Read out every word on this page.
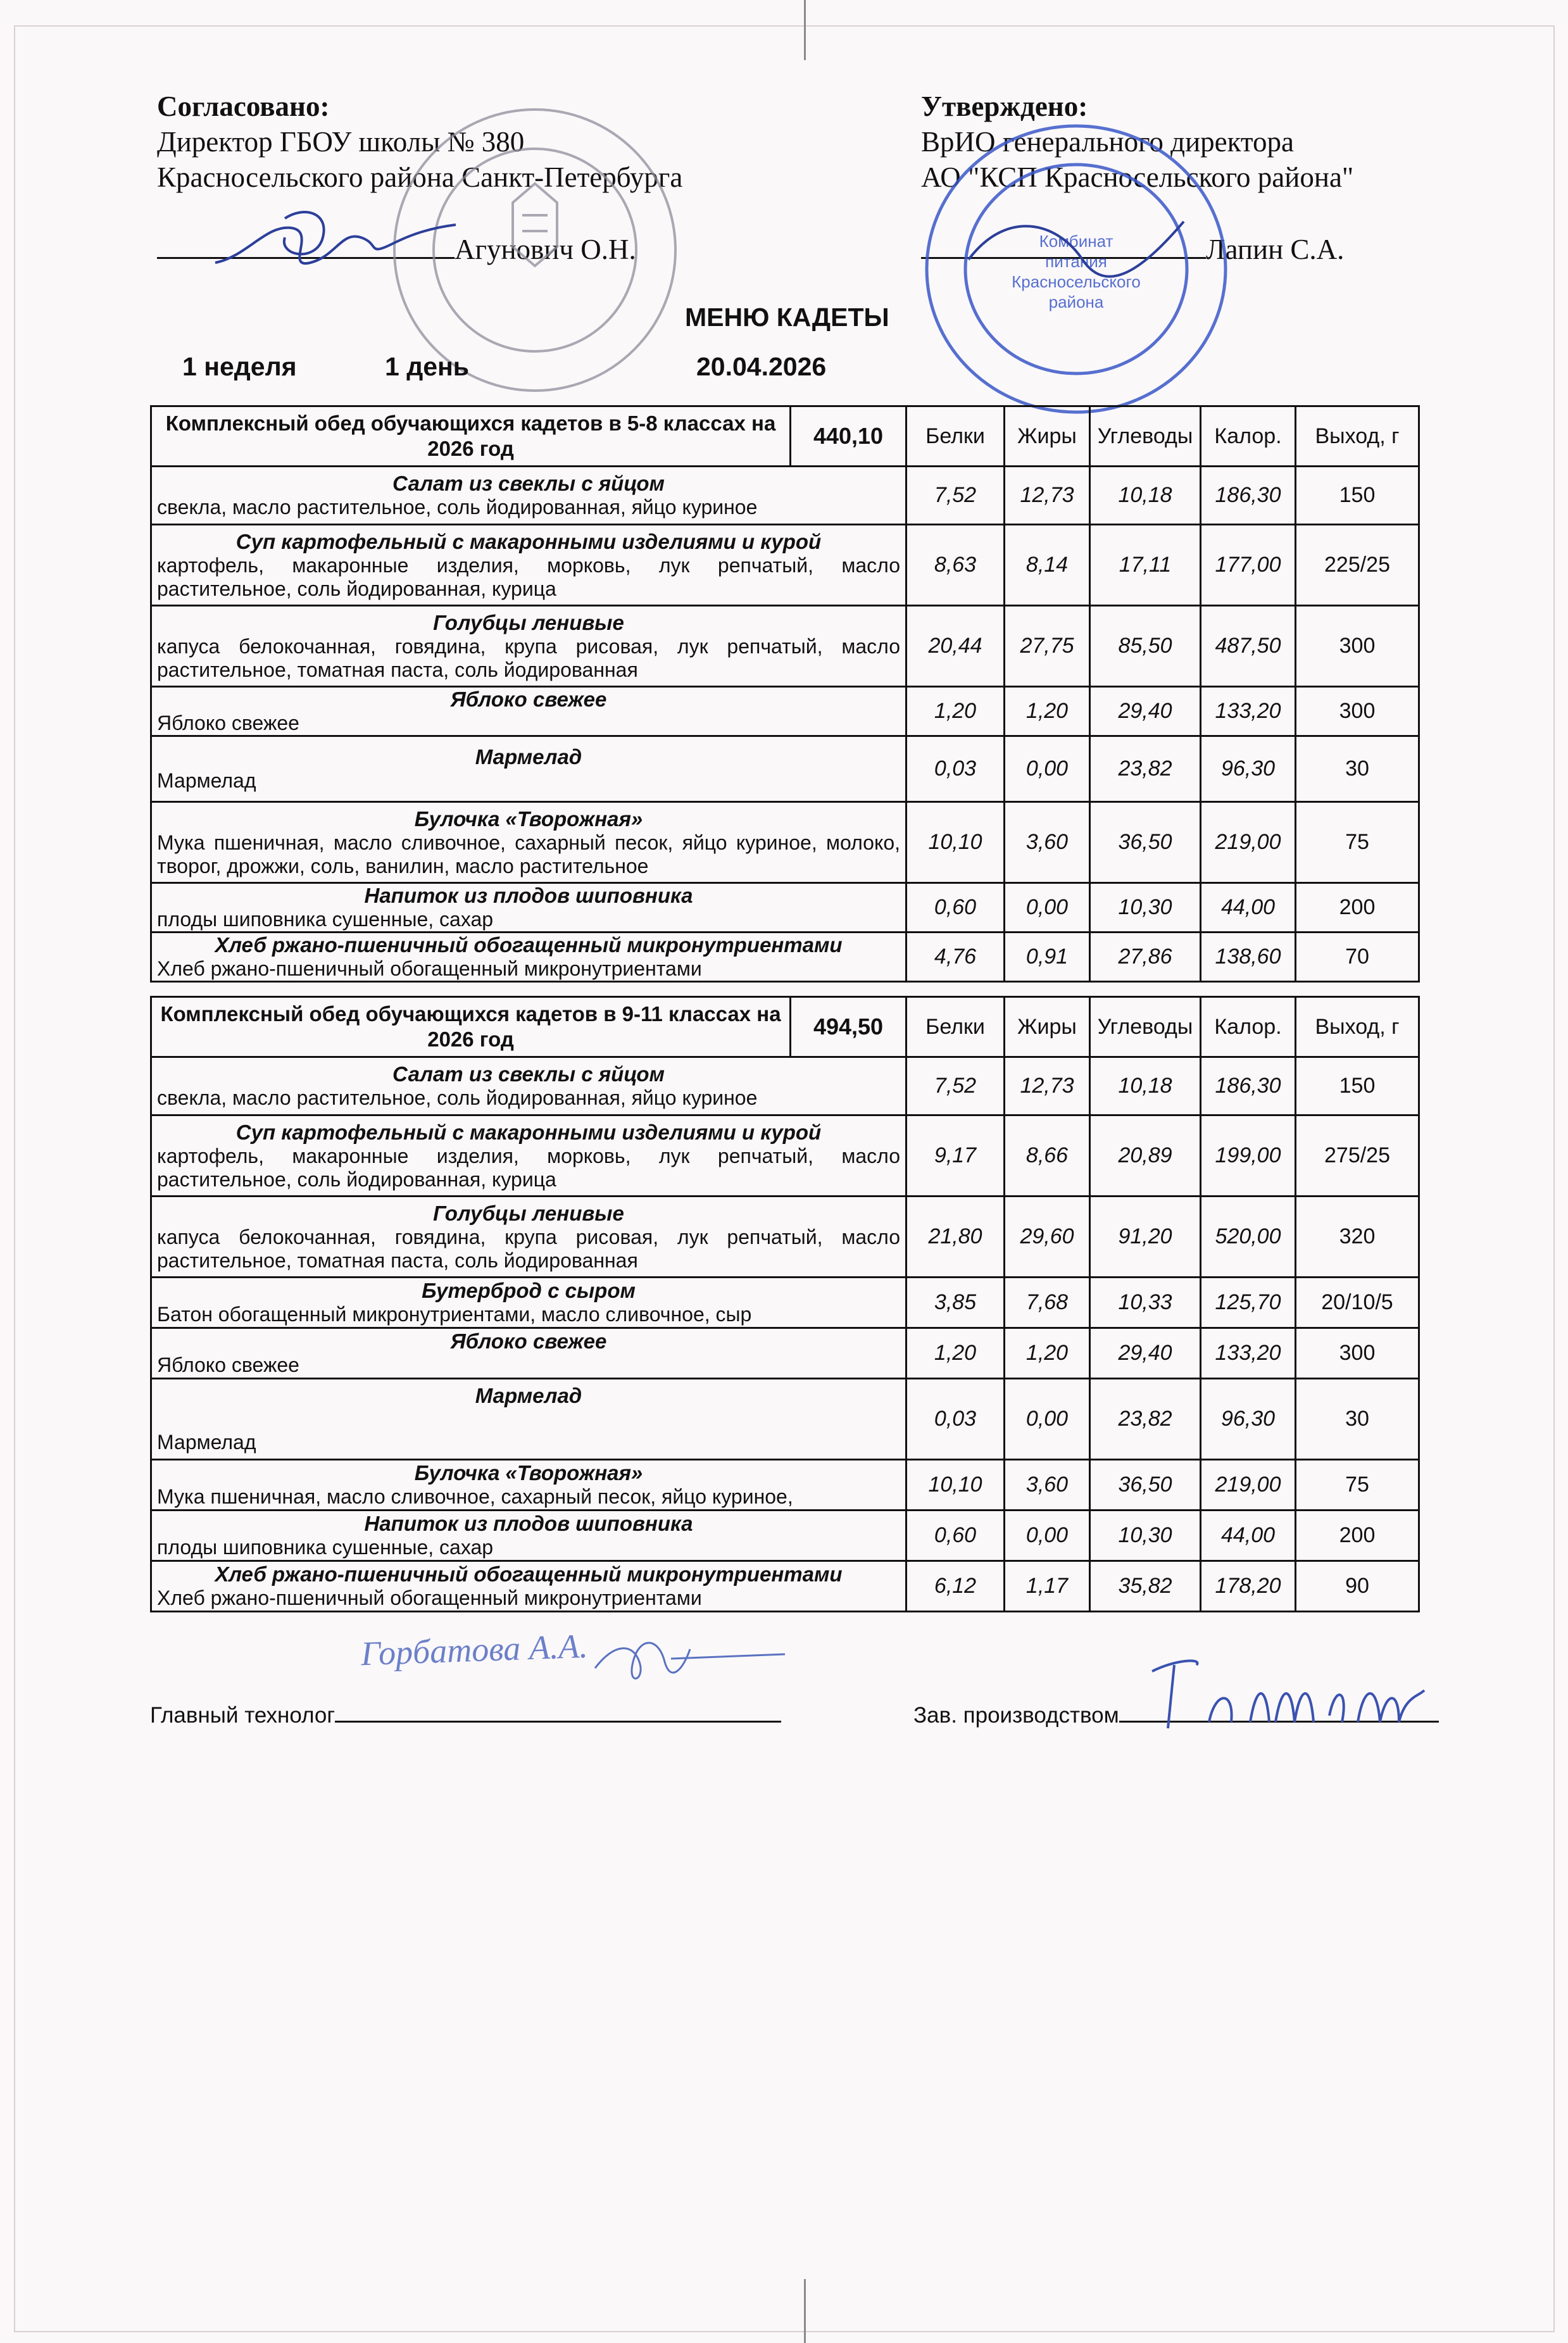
Согласовано:
Директор ГБОУ школы № 380
Красносельского района Санкт-Петербурга
Агунович О.Н.
Утверждено:
ВрИО генерального директора
АО "КСП Красносельского района"
Лапин С.А.
Комбинат
питания
Красносельского
района
МЕНЮ КАДЕТЫ
1 неделя	1 день	20.04.2026
Комплексный обед обучающихся кадетов в 5-8 классах на 2026 год	440,10	Белки	Жиры	Углеводы	Калор.	Выход, г

Салат из свеклы с яйцом
свекла, масло растительное, соль йодированная, яйцо куриное		7,52	12,73	10,18	186,30	150

Суп картофельный с макаронными изделиями и курой
картофель, макаронные изделия, морковь, лук репчатый, масло растительное, соль йодированная, курица		8,63	8,14	17,11	177,00	225/25

Голубцы ленивые
капуса белокочанная, говядина, крупа рисовая, лук репчатый, масло растительное, томатная паста, соль йодированная		20,44	27,75	85,50	487,50	300

Яблоко свежее
Яблоко свежее		1,20	1,20	29,40	133,20	300

Мармелад
Мармелад		0,03	0,00	23,82	96,30	30

Булочка «Творожная»
Мука пшеничная, масло сливочное, сахарный песок, яйцо куриное, молоко, творог, дрожжи, соль, ванилин, масло растительное		10,10	3,60	36,50	219,00	75

Напиток из плодов шиповника
плоды шиповника сушенные, сахар		0,60	0,00	10,30	44,00	200

Хлеб ржано-пшеничный обогащенный микронутриентами
Хлеб ржано-пшеничный обогащенный микронутриентами		4,76	0,91	27,86	138,60	70
Комплексный обед обучающихся кадетов в 9-11 классах на 2026 год	494,50	Белки	Жиры	Углеводы	Калор.	Выход, г

Салат из свеклы с яйцом
свекла, масло растительное, соль йодированная, яйцо куриное		7,52	12,73	10,18	186,30	150

Суп картофельный с макаронными изделиями и курой
картофель, макаронные изделия, морковь, лук репчатый, масло растительное, соль йодированная, курица		9,17	8,66	20,89	199,00	275/25

Голубцы ленивые
капуса белокочанная, говядина, крупа рисовая, лук репчатый, масло растительное, томатная паста, соль йодированная		21,80	29,60	91,20	520,00	320

Бутерброд с сыром
Батон обогащенный микронутриентами, масло сливочное, сыр		3,85	7,68	10,33	125,70	20/10/5

Яблоко свежее
Яблоко свежее		1,20	1,20	29,40	133,20	300

Мармелад
Мармелад		0,03	0,00	23,82	96,30	30

Булочка «Творожная»
Мука пшеничная, масло сливочное, сахарный песок, яйцо куриное,		10,10	3,60	36,50	219,00	75

Напиток из плодов шиповника
плоды шиповника сушенные, сахар		0,60	0,00	10,30	44,00	200

Хлеб ржано-пшеничный обогащенный микронутриентами
Хлеб ржано-пшеничный обогащенный микронутриентами		6,12	1,17	35,82	178,20	90
Горбатова А.А.
Главный технолог	Зав. производством
